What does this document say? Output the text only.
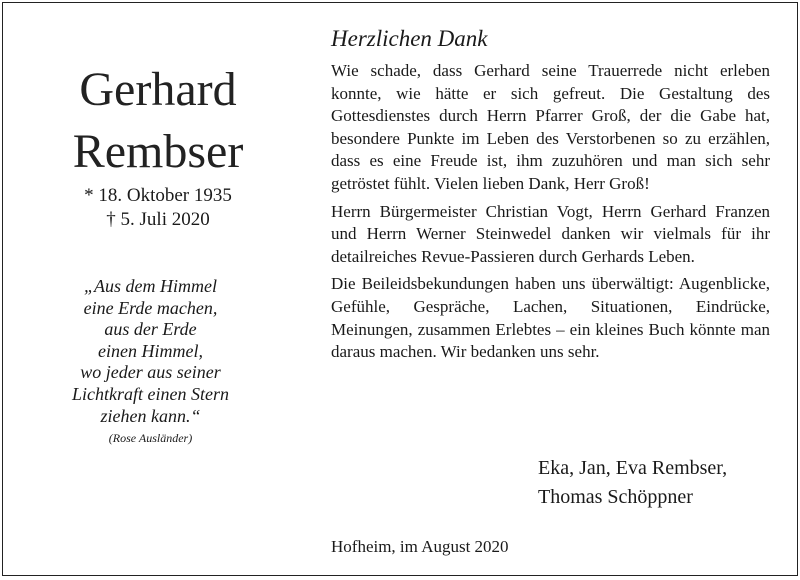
Gerhard
Rembser
* 18. Oktober 1935
† 5. Juli 2020
„Aus dem Himmel
eine Erde machen,
aus der Erde
einen Himmel,
wo jeder aus seiner
Lichtkraft einen Stern
ziehen kann.“
(Rose Ausländer)
Herzlichen Dank

Wie schade, dass Gerhard seine Trauerrede nicht erleben konnte, wie hätte er sich gefreut. Die Gestaltung des Gottesdienstes durch Herrn Pfarrer Groß, der die Gabe hat, besondere Punkte im Leben des Verstorbenen so zu erzählen, dass es eine Freude ist, ihm zuzuhören und man sich sehr getröstet fühlt. Vielen lieben Dank, Herr Groß!

Herrn Bürgermeister Christian Vogt, Herrn Gerhard Franzen und Herrn Werner Steinwedel danken wir vielmals für ihr detailreiches Revue-Passieren durch Gerhards Leben.

Die Beileidsbekundungen haben uns überwältigt: Augenblicke, Gefühle, Gespräche, Lachen, Situationen, Eindrücke, Meinungen, zusammen Erlebtes – ein kleines Buch könnte man daraus machen. Wir bedanken uns sehr.

Eka, Jan, Eva Rembser,
Thomas Schöppner
Hofheim, im August 2020
